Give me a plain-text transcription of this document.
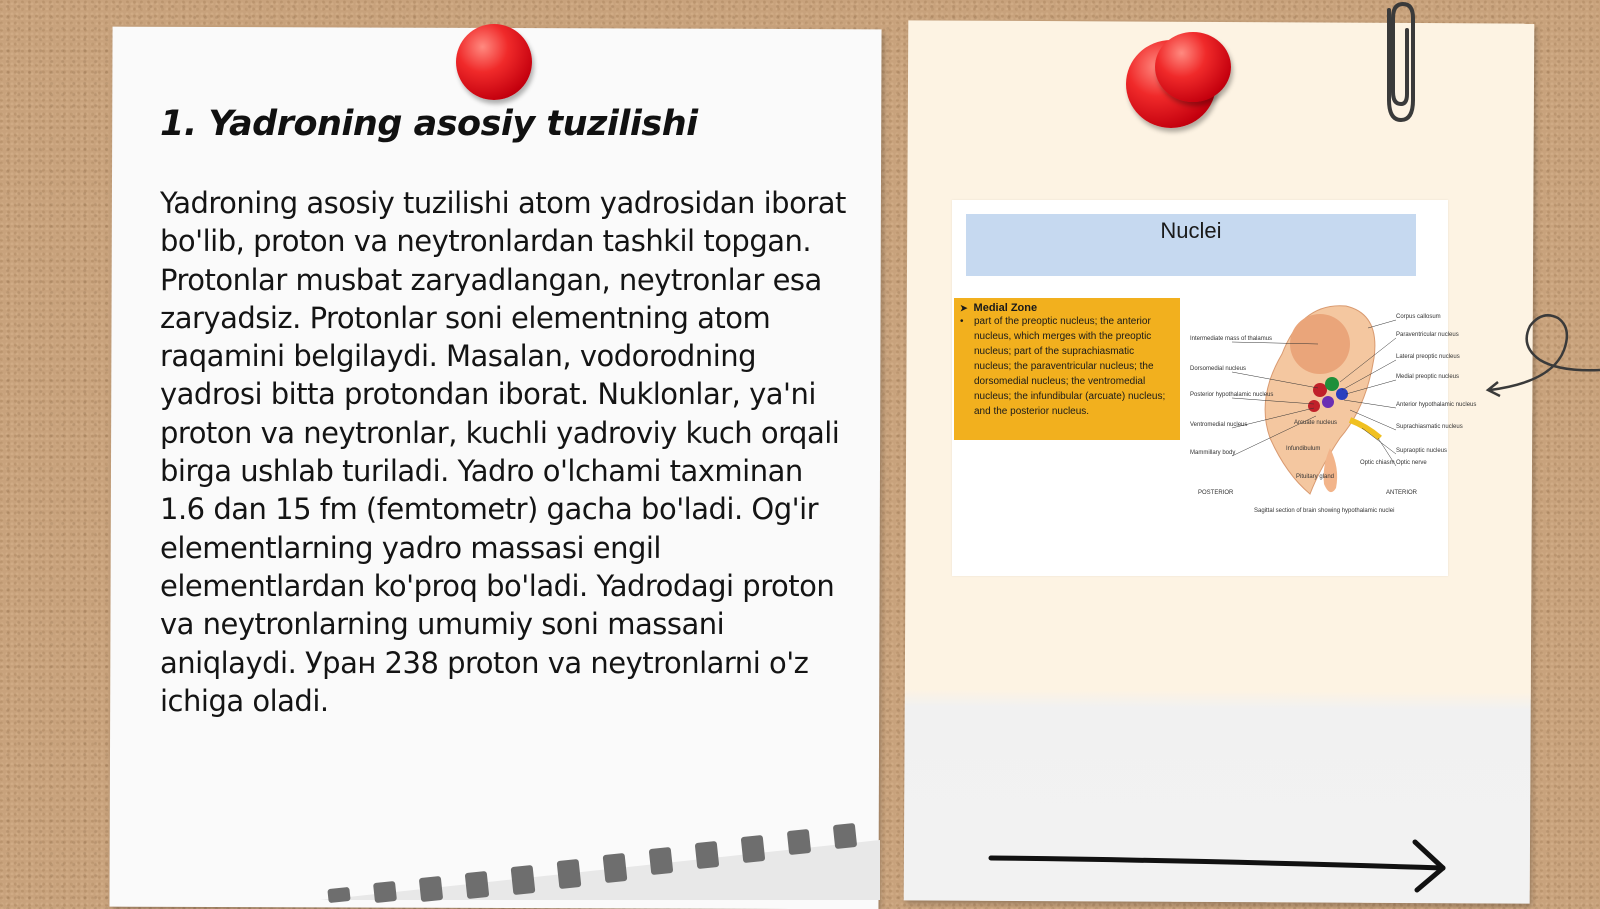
1. Yadroning asosiy tuzilishi
Yadroning asosiy tuzilishi atom yadrosidan iborat bo'lib, proton va neytronlardan tashkil topgan. Protonlar musbat zaryadlangan, neytronlar esa zaryadsiz. Protonlar soni elementning atom raqamini belgilaydi. Masalan, vodorodning yadrosi bitta protondan iborat. Nuklonlar, ya'ni proton va neytronlar, kuchli yadroviy kuch orqali birga ushlab turiladi. Yadro o'lchami taxminan 1.6 dan 15 fm (femtometr) gacha bo'ladi. Og'ir elementlarning yadro massasi engil elementlardan ko'proq bo'ladi. Yadrodagi proton va neytronlarning umumiy soni massani aniqlaydi. Уран 238 proton va neytronlarni o'z ichiga oladi.
Nuclei
➤ Medial Zone
• part of the preoptic nucleus; the anterior nucleus, which merges with the preoptic nucleus; part of the suprachiasmatic nucleus; the paraventricular nucleus; the dorsomedial nucleus; the ventromedial nucleus; the infundibular (arcuate) nucleus; and the posterior nucleus.
Intermediate mass of thalamus
Dorsomedial nucleus
Posterior hypothalamic nucleus
Ventromedial nucleus
Mammillary body
Corpus callosum
Paraventricular nucleus
Lateral preoptic nucleus
Medial preoptic nucleus
Anterior hypothalamic nucleus
Suprachiasmatic nucleus
Supraoptic nucleus
Optic nerve
Arcuate nucleus
Infundibulum
Optic chiasm
Pituitary gland
POSTERIOR	ANTERIOR
Sagittal section of brain showing hypothalamic nuclei
